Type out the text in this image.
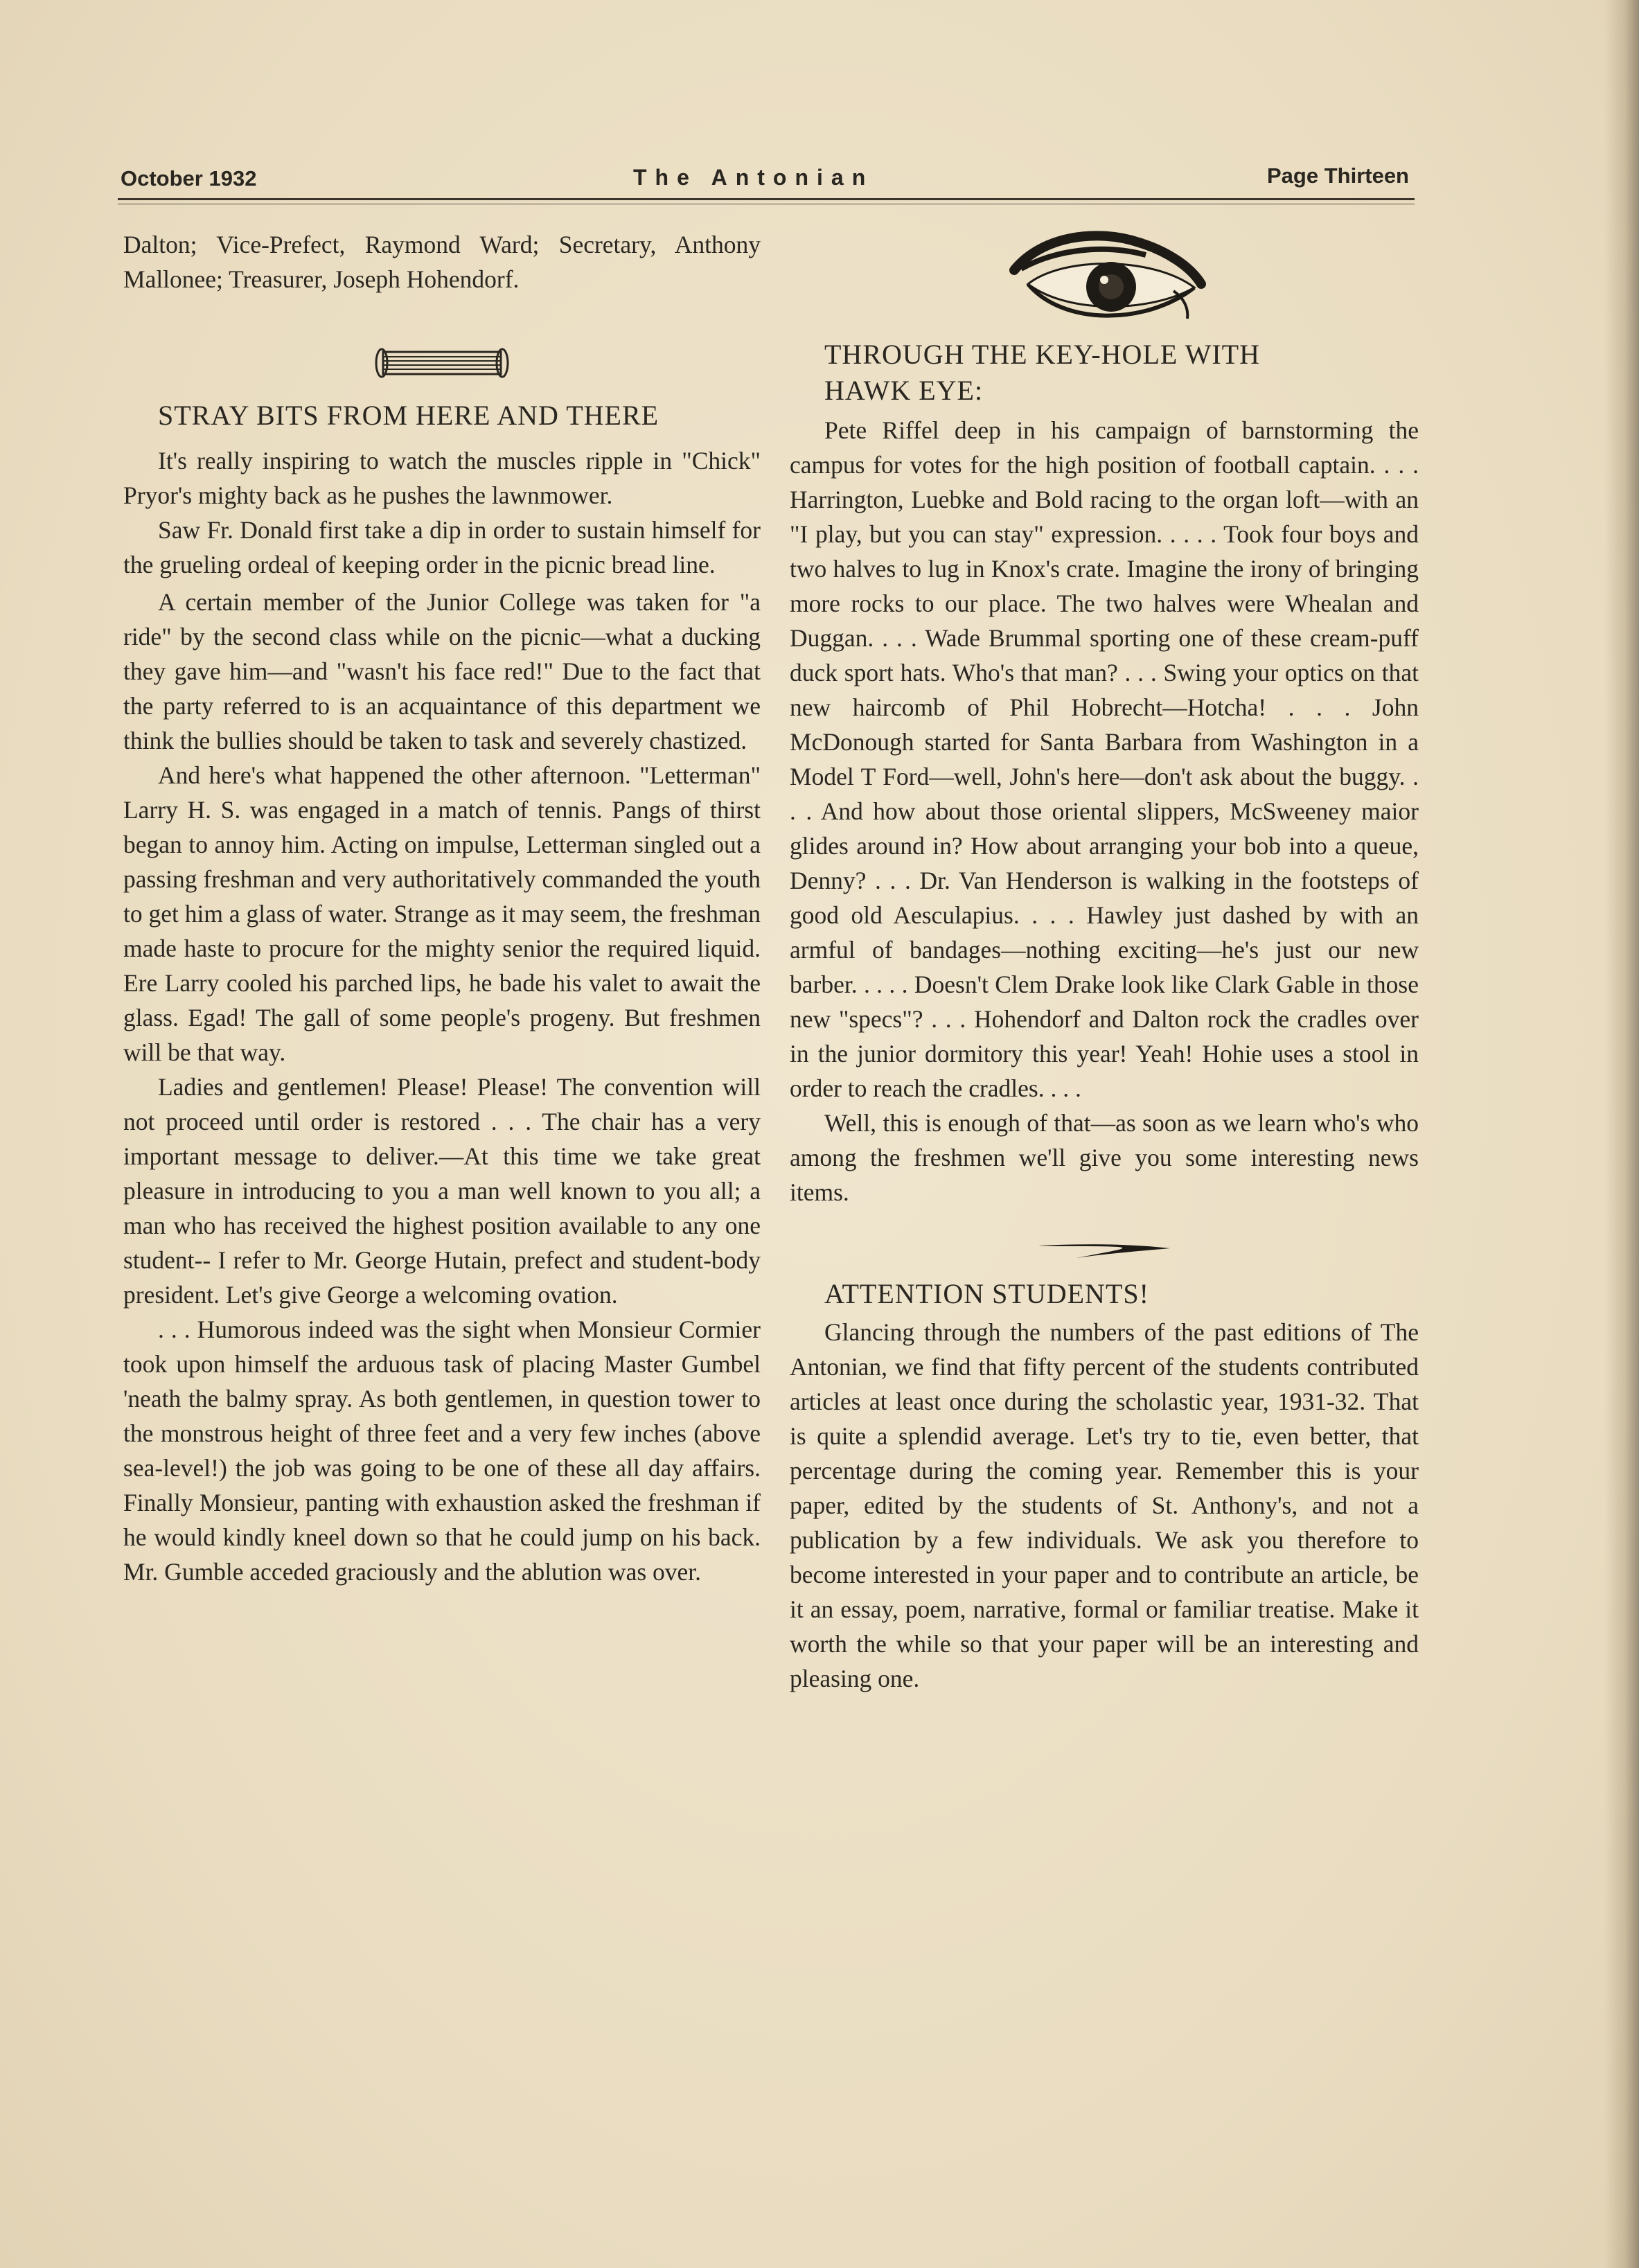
October 1932	The Antonian	Page Thirteen

Dalton; Vice-Prefect, Raymond Ward; Secretary, Anthony Mallonee; Treasurer, Joseph Hohendorf.

STRAY BITS FROM HERE AND THERE

It's really inspiring to watch the muscles ripple in "Chick" Pryor's mighty back as he pushes the lawnmower.

Saw Fr. Donald first take a dip in order to sustain himself for the grueling ordeal of keeping order in the picnic bread line.

A certain member of the Junior College was taken for "a ride" by the second class while on the picnic—what a ducking they gave him—and "wasn't his face red!" Due to the fact that the party referred to is an acquaintance of this department we think the bullies should be taken to task and severely chastized.

And here's what happened the other afternoon. "Letterman" Larry H. S. was engaged in a match of tennis. Pangs of thirst began to annoy him. Acting on impulse, Letterman singled out a passing freshman and very authoritatively commanded the youth to get him a glass of water. Strange as it may seem, the freshman made haste to procure for the mighty senior the required liquid. Ere Larry cooled his parched lips, he bade his valet to await the glass. Egad! The gall of some people's progeny. But freshmen will be that way.

Ladies and gentlemen! Please! Please! The convention will not proceed until order is restored . . . The chair has a very important message to deliver.—At this time we take great pleasure in introducing to you a man well known to you all; a man who has received the highest position available to any one student-- I refer to Mr. George Hutain, prefect and student-body president. Let's give George a welcoming ovation.

. . . Humorous indeed was the sight when Monsieur Cormier took upon himself the arduous task of placing Master Gumbel 'neath the balmy spray. As both gentlemen, in question tower to the monstrous height of three feet and a very few inches (above sea-level!) the job was going to be one of these all day affairs. Finally Monsieur, panting with exhaustion asked the freshman if he would kindly kneel down so that he could jump on his back. Mr. Gumble acceded graciously and the ablution was over.

THROUGH THE KEY-HOLE WITH

HAWK EYE:

Pete Riffel deep in his campaign of barnstorming the campus for votes for the high position of football captain. . . . Harrington, Luebke and Bold racing to the organ loft—with an "I play, but you can stay" expression. . . . . Took four boys and two halves to lug in Knox's crate. Imagine the irony of bringing more rocks to our place. The two halves were Whealan and Duggan. . . . Wade Brummal sporting one of these cream-puff duck sport hats. Who's that man? . . . Swing your optics on that new haircomb of Phil Hobrecht—Hotcha! . . . John McDonough started for Santa Barbara from Washington in a Model T Ford—well, John's here—don't ask about the buggy. . . . And how about those oriental slippers, McSweeney maior glides around in? How about arranging your bob into a queue, Denny? . . . Dr. Van Henderson is walking in the footsteps of good old Aesculapius. . . . Hawley just dashed by with an armful of bandages—nothing exciting—he's just our new barber. . . . . Doesn't Clem Drake look like Clark Gable in those new "specs"? . . . Hohendorf and Dalton rock the cradles over in the junior dormitory this year! Yeah! Hohie uses a stool in order to reach the cradles. . . .

Well, this is enough of that—as soon as we learn who's who among the freshmen we'll give you some interesting news items.

ATTENTION STUDENTS!

Glancing through the numbers of the past editions of The Antonian, we find that fifty percent of the students contributed articles at least once during the scholastic year, 1931-32. That is quite a splendid average. Let's try to tie, even better, that percentage during the coming year. Remember this is your paper, edited by the students of St. Anthony's, and not a publication by a few individuals. We ask you therefore to become interested in your paper and to contribute an article, be it an essay, poem, narrative, formal or familiar treatise. Make it worth the while so that your paper will be an interesting and pleasing one.
